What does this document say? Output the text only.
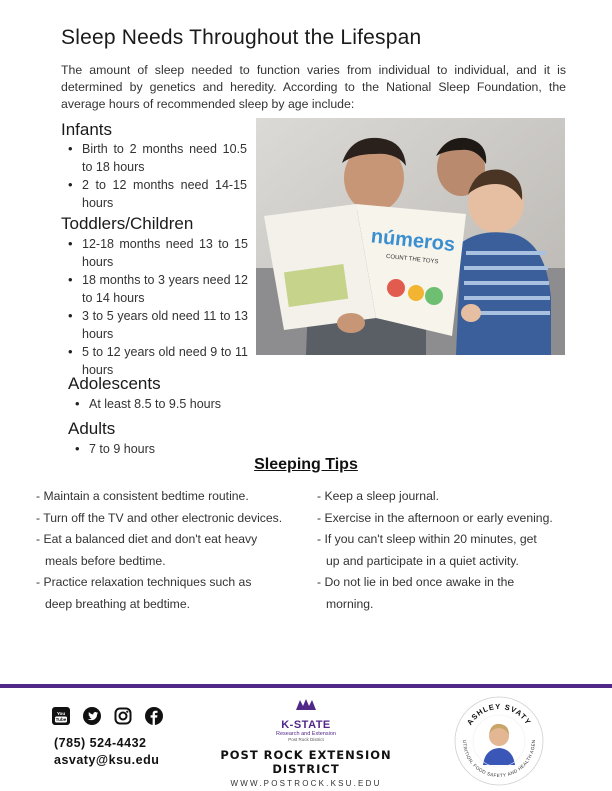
Sleep Needs Throughout the Lifespan
The amount of sleep needed to function varies from individual to individual, and it is determined by genetics and heredity. According to the National Sleep Foundation, the average hours of recommended sleep by age include:
números
COUNT THE TOYS
Infants
• Birth to 2 months need 10.5 to 18 hours
• 2 to 12 months need 14-15 hours
Toddlers/Children
• 12-18 months need 13 to 15 hours
• 18 months to 3 years need 12 to 14 hours
• 3 to 5 years old need 11 to 13 hours
• 5 to 12 years old need 9 to 11 hours
Adolescents
• At least 8.5 to 9.5 hours
Adults
• 7 to 9 hours
Sleeping Tips
- Maintain a consistent bedtime routine.
- Turn off the TV and other electronic devices.
- Eat a balanced diet and don't eat heavy
meals before bedtime.
- Practice relaxation techniques such as
deep breathing at bedtime.
- Keep a sleep journal.
- Exercise in the afternoon or early evening.
- If you can't sleep within 20 minutes, get
up and participate in a quiet activity.
- Do not lie in bed once awake in the
morning.
You
Tube
(785) 524-4432
asvaty@ksu.edu
K-STATE
Research and Extension
Post Rock District
POST ROCK EXTENSION DISTRICT
WWW.POSTROCK.KSU.EDU
ASHLEY SVATY
UTRITION, FOOD SAFETY AND HEALTH AGEN
